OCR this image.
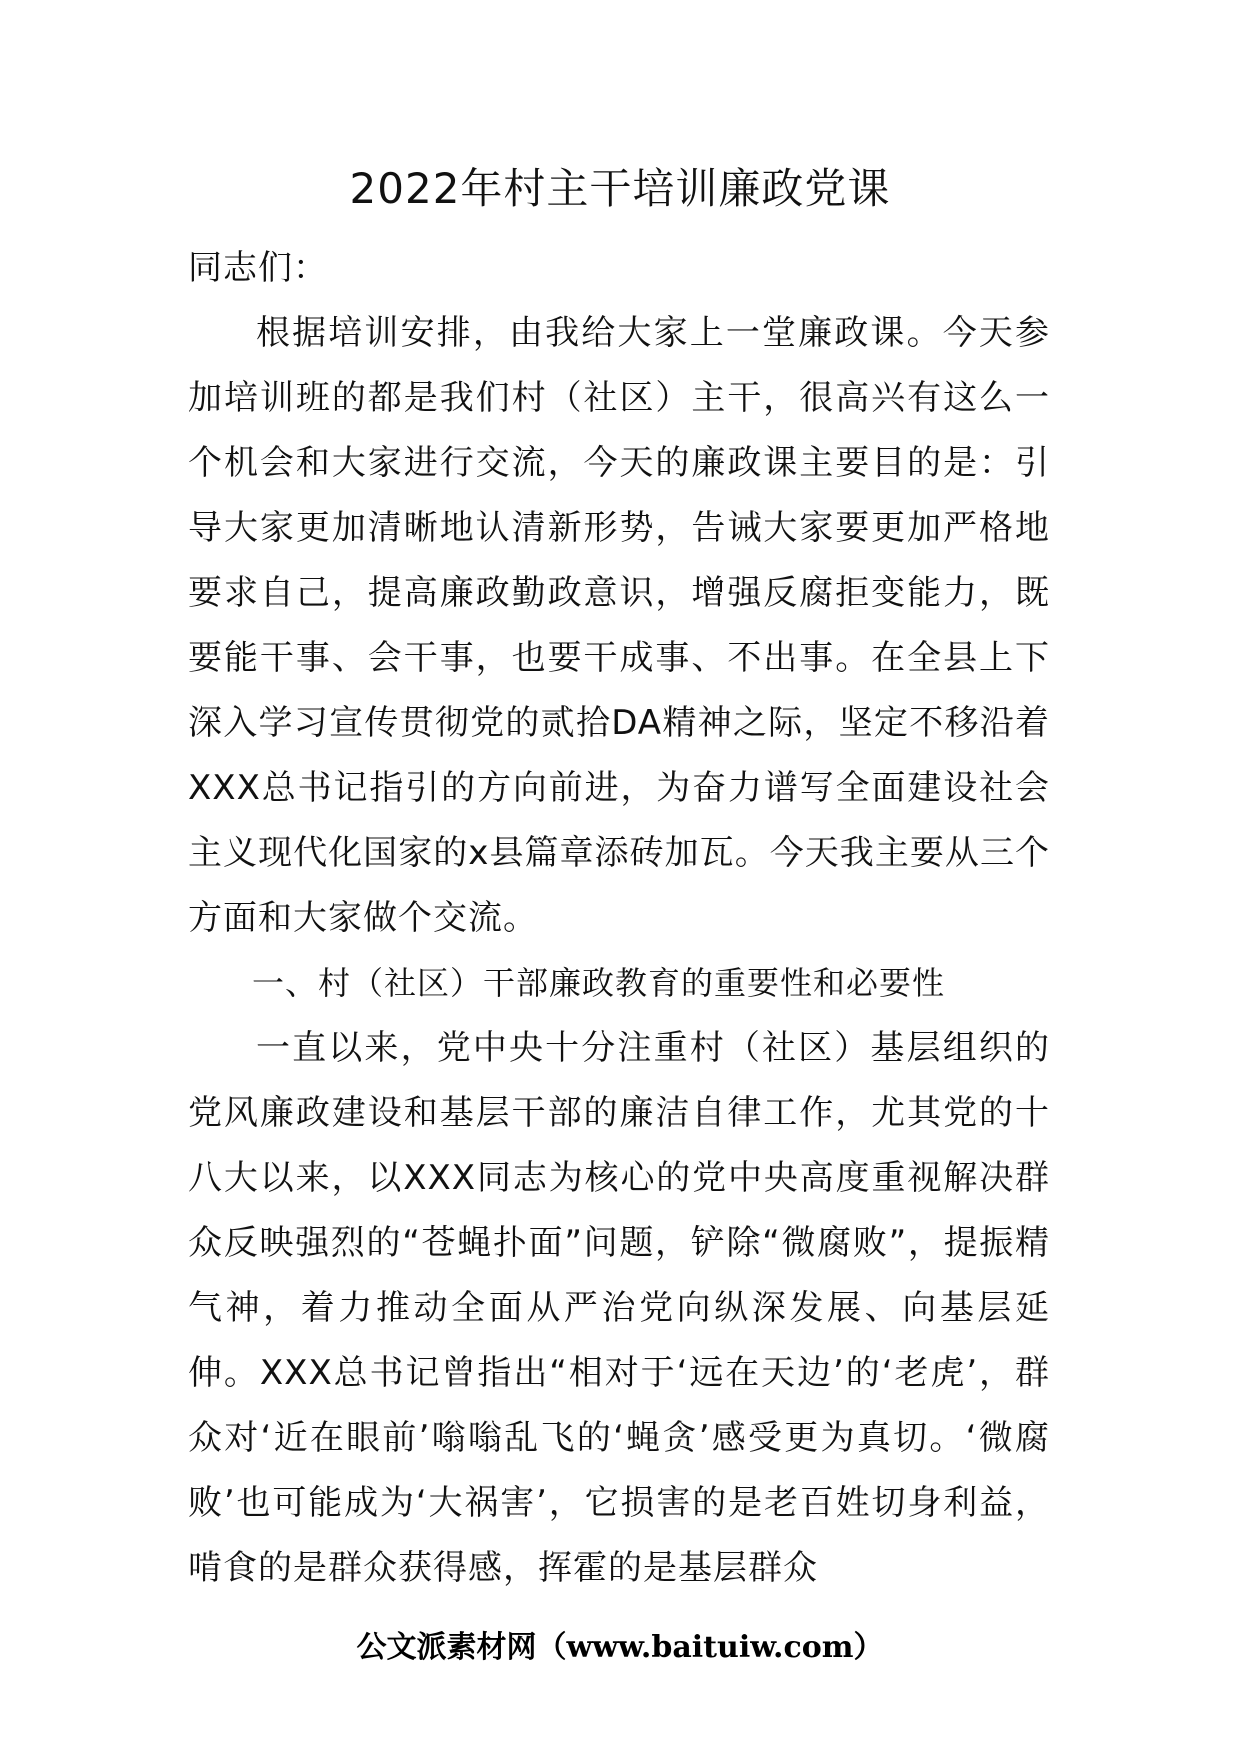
2022年村主干培训廉政党课

同志们：

根据培训安排，由我给大家上一堂廉政课。今天参加培训班的都是我们村（社区）主干，很高兴有这么一个机会和大家进行交流，今天的廉政课主要目的是：引导大家更加清晰地认清新形势，告诫大家要更加严格地要求自己，提高廉政勤政意识，增强反腐拒变能力，既要能干事、会干事，也要干成事、不出事。在全县上下深入学习宣传贯彻党的贰拾DA精神之际，坚定不移沿着XXX总书记指引的方向前进，为奋力谱写全面建设社会主义现代化国家的x县篇章添砖加瓦。今天我主要从三个方面和大家做个交流。

一、村（社区）干部廉政教育的重要性和必要性

一直以来，党中央十分注重村（社区）基层组织的党风廉政建设和基层干部的廉洁自律工作，尤其党的十八大以来，以XXX同志为核心的党中央高度重视解决群众反映强烈的“苍蝇扑面”问题，铲除“微腐败”，提振精气神，着力推动全面从严治党向纵深发展、向基层延伸。XXX总书记曾指出“相对于‘远在天边’的‘老虎’，群众对‘近在眼前’嗡嗡乱飞的‘蝇贪’感受更为真切。‘微腐败’也可能成为‘大祸害’，它损害的是老百姓切身利益，啃食的是群众获得感，挥霍的是基层群众

公文派素材网（www.baituiw.com）
